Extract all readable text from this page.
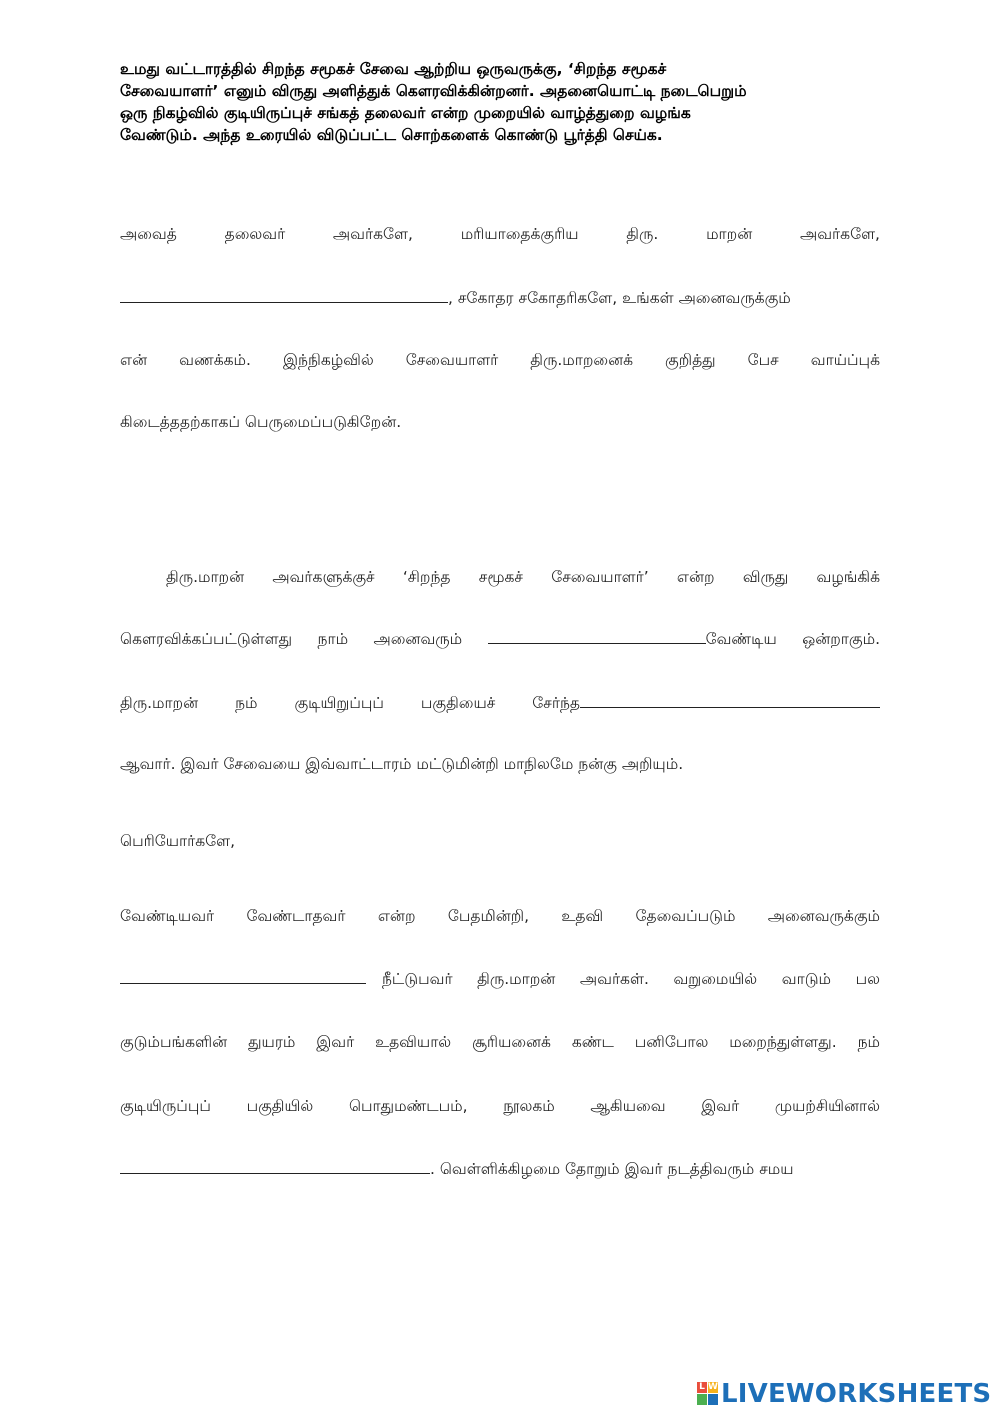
உமது வட்டாரத்தில் சிறந்த சமூகச் சேவை ஆற்றிய ஒருவருக்கு, ‘சிறந்த சமூகச்
சேவையாளர்’ எனும் விருது அளித்துக் கௌரவிக்கின்றனர். அதனையொட்டி நடைபெறும்
ஒரு நிகழ்வில் குடியிருப்புச் சங்கத் தலைவர் என்ற முறையில் வாழ்த்துறை வழங்க
வேண்டும். அந்த உரையில் விடுப்பட்ட சொற்களைக் கொண்டு பூர்த்தி செய்க.
அவைத் தலைவர் அவர்களே, மரியாதைக்குரிய திரு. மாறன் அவர்களே,
, சகோதர சகோதரிகளே, உங்கள் அனைவருக்கும்
என் வணக்கம். இந்நிகழ்வில் சேவையாளர் திரு.மாறனைக் குறித்து பேச வாய்ப்புக்
கிடைத்ததற்காகப் பெருமைப்படுகிறேன்.
திரு.மாறன் அவர்களுக்குச் ‘சிறந்த சமூகச் சேவையாளர்’ என்ற விருது வழங்கிக்
கௌரவிக்கப்பட்டுள்ளது நாம் அனைவரும்	வேண்டிய ஒன்றாகும்.
திரு.மாறன் நம் குடியிறுப்புப் பகுதியைச் சேர்ந்த
ஆவார். இவர் சேவையை இவ்வாட்டாரம் மட்டுமின்றி மாநிலமே நன்கு அறியும்.
பெரியோர்களே,
வேண்டியவர் வேண்டாதவர் என்ற பேதமின்றி, உதவி தேவைப்படும் அனைவருக்கும்
நீட்டுபவர் திரு.மாறன் அவர்கள். வறுமையில் வாடும் பல
குடும்பங்களின் துயரம் இவர் உதவியால் சூரியனைக் கண்ட பனிபோல மறைந்துள்ளது. நம்
குடியிருப்புப் பகுதியில் பொதுமண்டபம், நூலகம் ஆகியவை இவர் முயற்சியினால்
. வெள்ளிக்கிழமை தோறும் இவர் நடத்திவரும் சமய
L W LIVEWORKSHEETS
